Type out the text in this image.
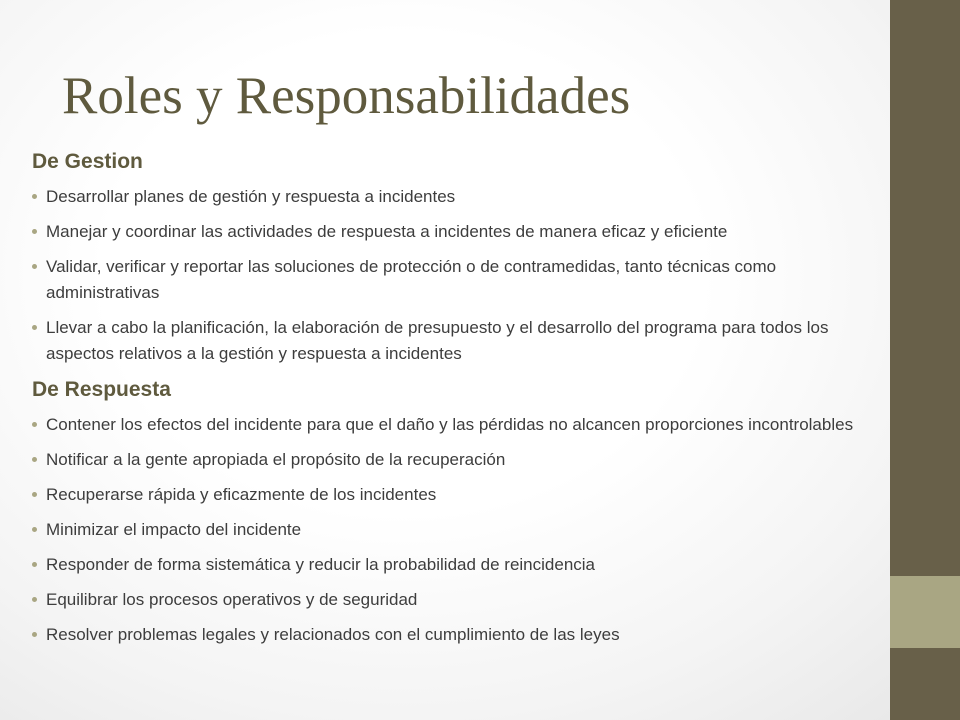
Roles y Responsabilidades
De Gestion
Desarrollar planes de gestión y respuesta a incidentes
Manejar y coordinar las actividades de respuesta a incidentes de manera eficaz y eficiente
Validar, verificar y reportar las soluciones de protección o de contramedidas, tanto técnicas como administrativas
Llevar a cabo la planificación, la elaboración de presupuesto y el desarrollo del programa para todos los aspectos relativos a la gestión y respuesta a incidentes
De Respuesta
Contener los efectos del incidente para que el daño y las pérdidas no alcancen proporciones incontrolables
Notificar a la gente apropiada el propósito de la recuperación
Recuperarse rápida y eficazmente de los incidentes
Minimizar el impacto del incidente
Responder de forma sistemática y reducir la probabilidad de reincidencia
Equilibrar los procesos operativos y de seguridad
Resolver problemas legales y relacionados con el cumplimiento de las leyes
